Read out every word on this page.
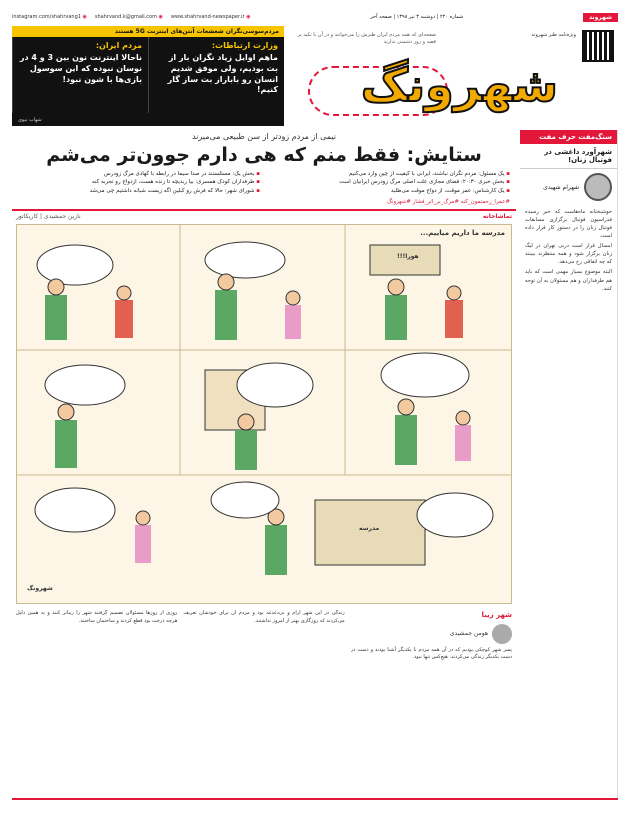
شهروند
شماره ۲۲۰ | دوشنبه ۳ تیر ۱۳۹۸ | صفحه آخر
◉ www.shahrvand-newspaper.ir
◉ shahrvand.k@gmail.com
◉ instagram.com/shahrvang1
مردم‌سوسی‌نگران شعشعات آنتن‌های اینترنت 5G هستند
وزارت ارتباطات:
ماهم اوایل زیاد نگران بار از بت بودیم، ولی موفق شدیم انسان رو باباراز بت ساز گار کنیم!
مردم ایران:
ناحالا اینترنت نون بین 3 و 4 در نوسان نبوده که این سوسول بازی‌ها با شون نبود!
شهاب نیوی
ویژه‌نامه طنز شهروند
صفحه‌ای که همه مردم ایران طنزش را می‌خوانند و در آن با تکیه بر قصه و روز دشمنی ندارند
شهرونگ
نیمی از مردم زودتر از سن طبیعی می‌میرند
ستایش: فقط منم که هی دارم جوون‌تر می‌شم
▪ یک مسئول: مردم نگران نباشند، ایرانی با کیفیت از چین وارد می‌کنیم
▪ بخش خبری ۲۰:۳۰: فضای مجازی علت اصلی مرگ زودرس ایرانیان است
▪ یک کارشناس: عمر موقت، از دواج موقت می‌طلبد
▪ بخش یک: مسئلستند در صدا سیما در رابطه با کهادی مرگ زودرس
▪ طرفداران کودک همسری: بیا ربدیچه تا زنده هست، ازدواج رو تجربه کنه
▪ شورای شهر: حالا که فرش رو کبلین اگه زیست شبانه داشتیم چی می‌شد
#عمرا_رحمتمون_کنه #مرگ_بر_اثر_فشار #شهرونگ
تماشاخانه
نارین جمشیدی | کاریکاتور
مدرسه ما داریم میاییم...
هورا!!!
مدرسه
شهرونگ
شهر زیبا
هومن جمشیدی
پسر شهر کوچکی بودیم که در آن همه مردم با یکدیگر آشنا بودند و دست در دست یکدیگر زندگی می‌کردند. هیچ‌کس تنها نبود.
زندگی در این شهر آرام و بی‌دغدغه بود و مردم آن برای خودشان تعریف می‌کردند که روزگاری بهتر از امروز نداشتند.
روزی از روزها مسئولان تصمیم گرفتند شهر را زیباتر کنند و به همین دلیل هرچه درخت بود قطع کردند و ساختمان ساختند.
سنگ‌مفت حرف مفت
شهرآورد داغشی در فوتبال زنان!
شهرام شهیدی

خوشبختانه ماه‌هاست که خبر رسیده فدراسیون فوتبال برگزاری مسابقات فوتبال زنان را در دستور کار قرار داده است.

امسال قرار است دربی تهران در لیگ زنان برگزار شود و همه منتظرند ببینند که چه اتفاقی رخ می‌دهد.

البته موضوع بسیار مهمی است که باید هم طرفداران و هم مسئولان به آن توجه کنند.
